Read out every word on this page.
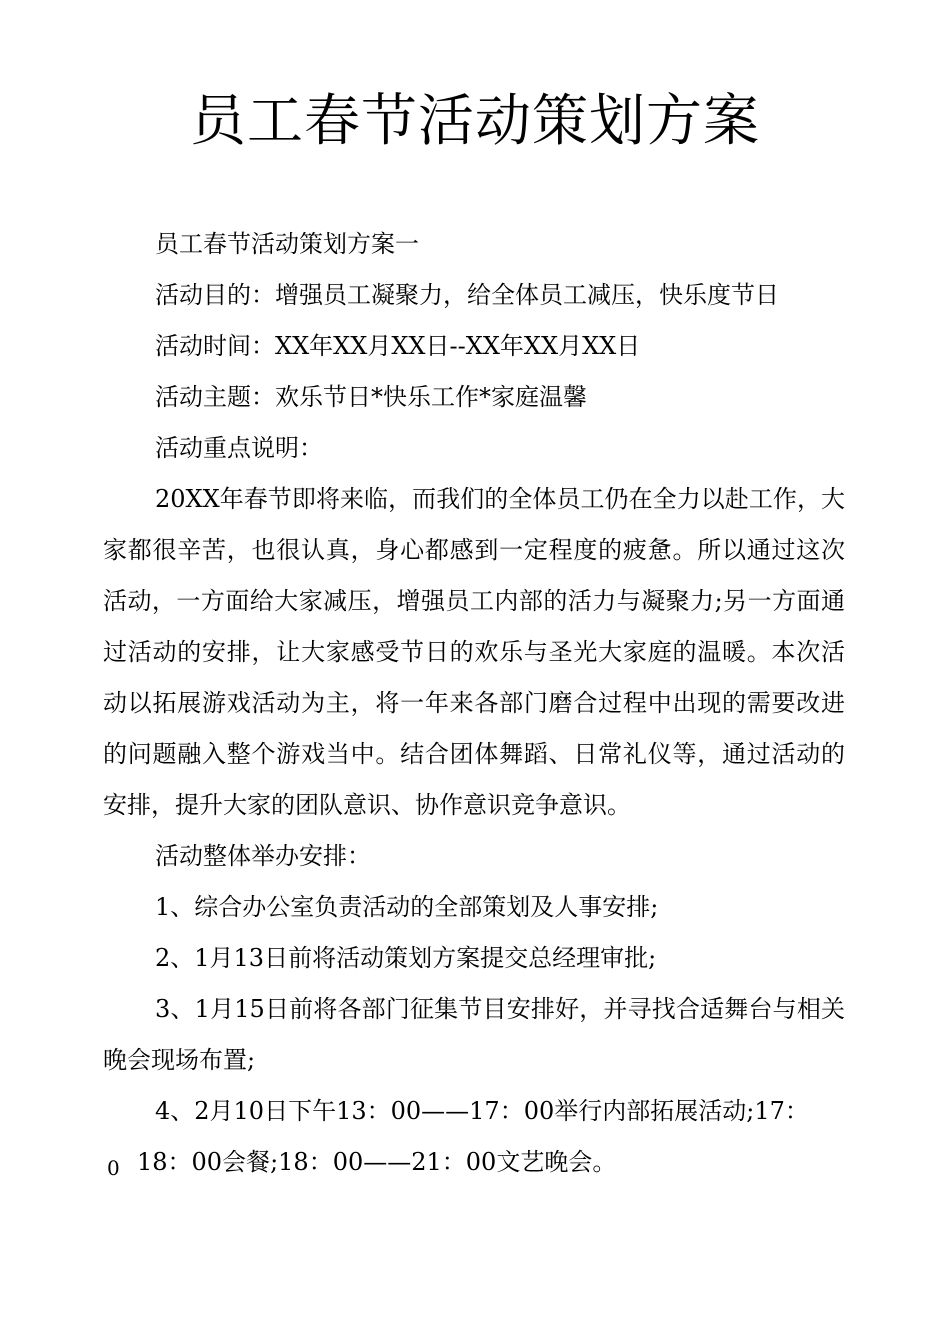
员工春节活动策划方案

员工春节活动策划方案一

活动目的：增强员工凝聚力，给全体员工减压，快乐度节日

活动时间：XX年XX月XX日--XX年XX月XX日

活动主题：欢乐节日*快乐工作*家庭温馨

活动重点说明：

20XX年春节即将来临，而我们的全体员工仍在全力以赴工作，大家都很辛苦，也很认真，身心都感到一定程度的疲惫。所以通过这次活动，一方面给大家减压，增强员工内部的活力与凝聚力;另一方面通过活动的安排，让大家感受节日的欢乐与圣光大家庭的温暖。本次活动以拓展游戏活动为主，将一年来各部门磨合过程中出现的需要改进的问题融入整个游戏当中。结合团体舞蹈、日常礼仪等，通过活动的安排，提升大家的团队意识、协作意识竞争意识。

活动整体举办安排：

1、综合办公室负责活动的全部策划及人事安排;

2、1月13日前将活动策划方案提交总经理审批;

3、1月15日前将各部门征集节目安排好，并寻找合适舞台与相关晚会现场布置;

4、2月10日下午13：00——17：00举行内部拓展活动;17：

0 18：00会餐;18：00——21：00文艺晚会。
